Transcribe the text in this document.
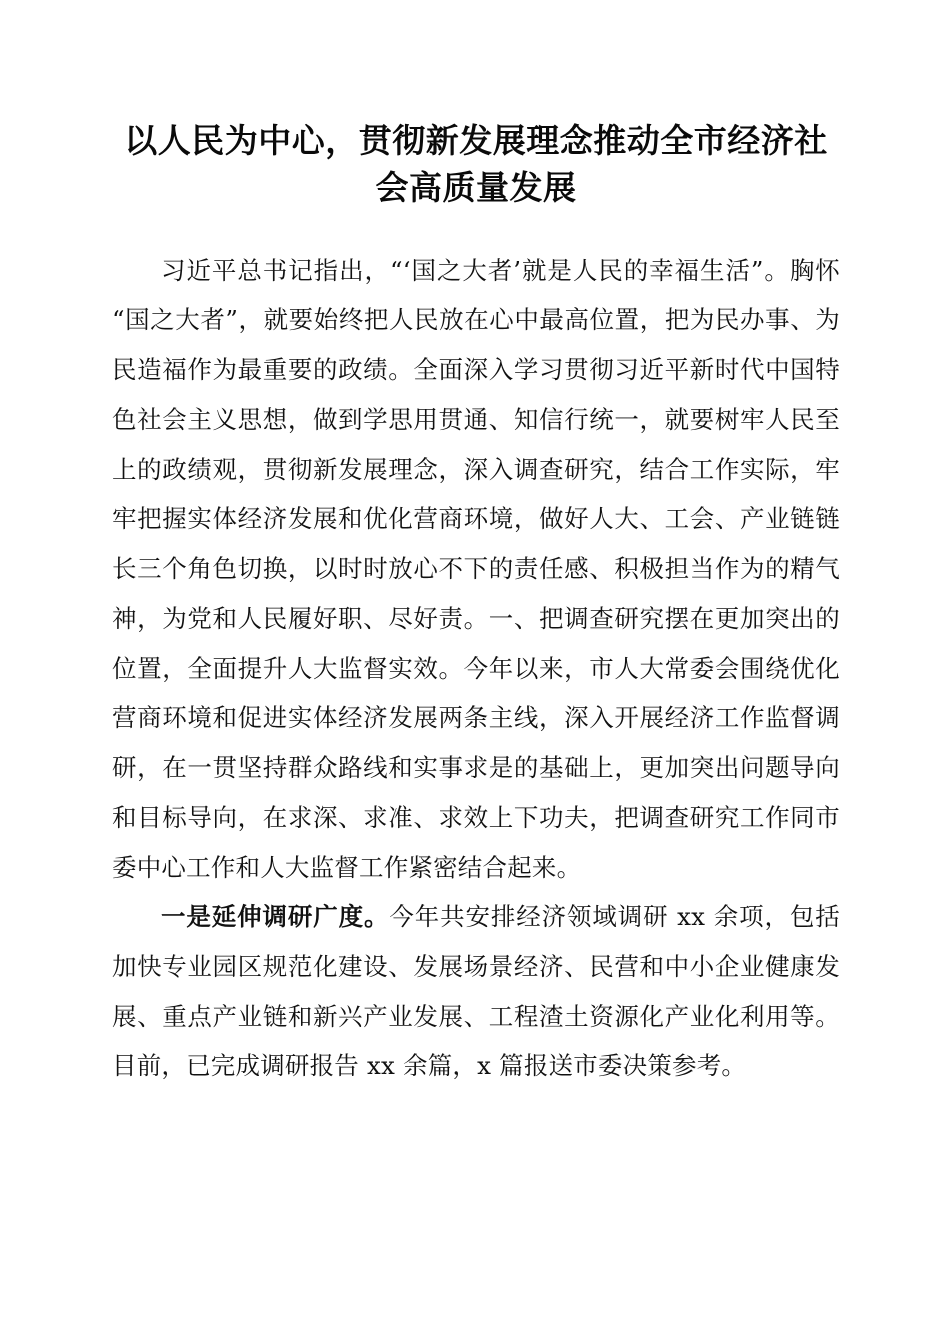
以人民为中心，贯彻新发展理念推动全市经济社会高质量发展

习近平总书记指出，“‘国之大者’就是人民的幸福生活”。胸怀“国之大者”，就要始终把人民放在心中最高位置，把为民办事、为民造福作为最重要的政绩。全面深入学习贯彻习近平新时代中国特色社会主义思想，做到学思用贯通、知信行统一，就要树牢人民至上的政绩观，贯彻新发展理念，深入调查研究，结合工作实际，牢牢把握实体经济发展和优化营商环境，做好人大、工会、产业链链长三个角色切换，以时时放心不下的责任感、积极担当作为的精气神，为党和人民履好职、尽好责。一、把调查研究摆在更加突出的位置，全面提升人大监督实效。今年以来，市人大常委会围绕优化营商环境和促进实体经济发展两条主线，深入开展经济工作监督调研，在一贯坚持群众路线和实事求是的基础上，更加突出问题导向和目标导向，在求深、求准、求效上下功夫，把调查研究工作同市委中心工作和人大监督工作紧密结合起来。

一是延伸调研广度。今年共安排经济领域调研 xx 余项，包括加快专业园区规范化建设、发展场景经济、民营和中小企业健康发展、重点产业链和新兴产业发展、工程渣土资源化产业化利用等。目前，已完成调研报告 xx 余篇，x 篇报送市委决策参考。
